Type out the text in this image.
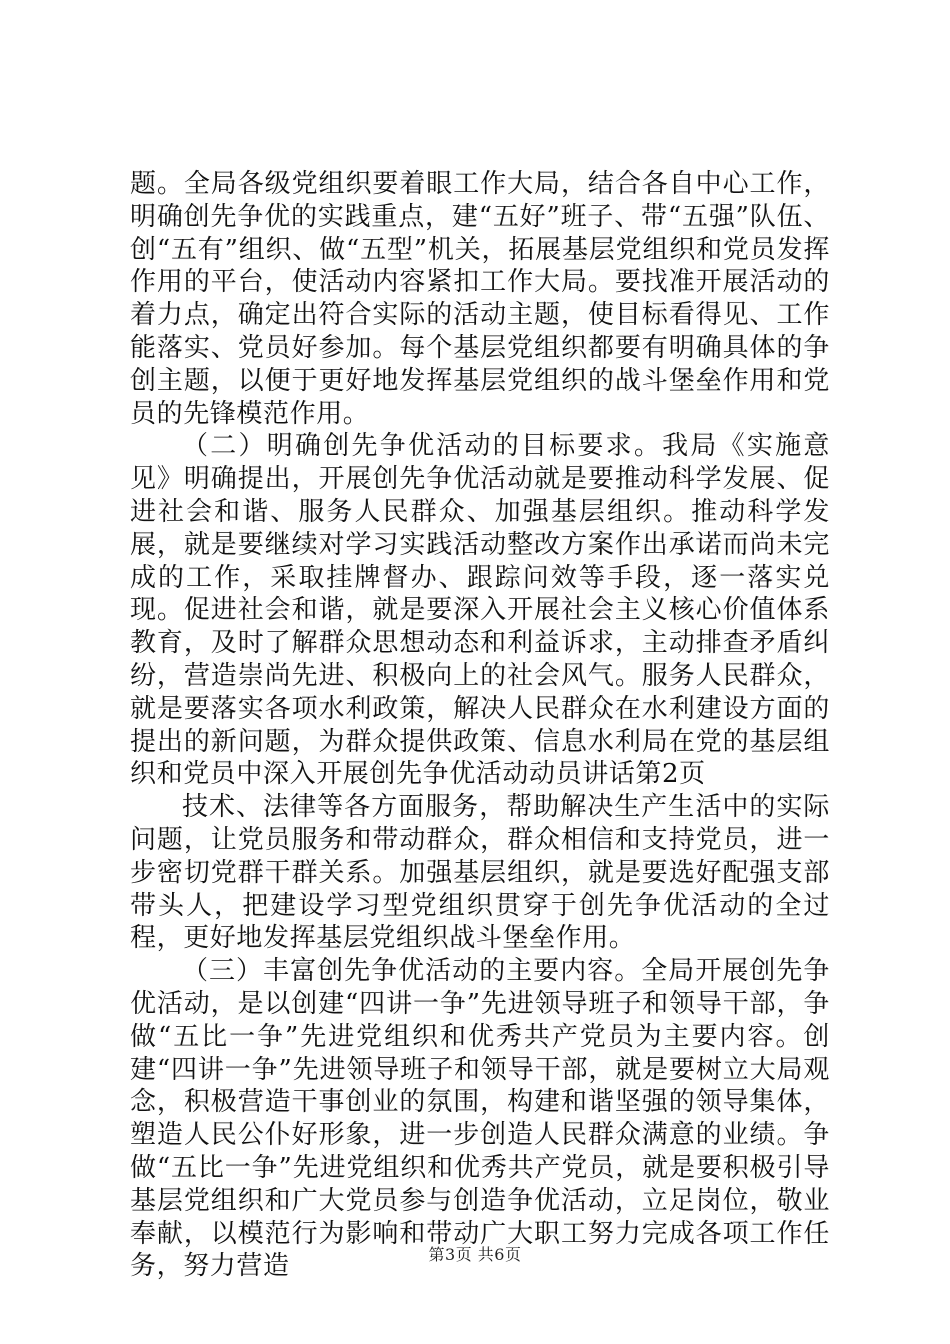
题。全局各级党组织要着眼工作大局，结合各自中心工作，明确创先争优的实践重点，建“五好”班子、带“五强”队伍、创“五有”组织、做“五型”机关，拓展基层党组织和党员发挥作用的平台，使活动内容紧扣工作大局。要找准开展活动的着力点，确定出符合实际的活动主题，使目标看得见、工作能落实、党员好参加。每个基层党组织都要有明确具体的争创主题，以便于更好地发挥基层党组织的战斗堡垒作用和党员的先锋模范作用。

（二）明确创先争优活动的目标要求。我局《实施意见》明确提出，开展创先争优活动就是要推动科学发展、促进社会和谐、服务人民群众、加强基层组织。推动科学发展，就是要继续对学习实践活动整改方案作出承诺而尚未完成的工作，采取挂牌督办、跟踪问效等手段，逐一落实兑现。促进社会和谐，就是要深入开展社会主义核心价值体系教育，及时了解群众思想动态和利益诉求，主动排查矛盾纠纷，营造崇尚先进、积极向上的社会风气。服务人民群众，就是要落实各项水利政策，解决人民群众在水利建设方面的提出的新问题，为群众提供政策、信息水利局在党的基层组织和党员中深入开展创先争优活动动员讲话第2页

技术、法律等各方面服务，帮助解决生产生活中的实际问题，让党员服务和带动群众，群众相信和支持党员，进一步密切党群干群关系。加强基层组织，就是要选好配强支部带头人，把建设学习型党组织贯穿于创先争优活动的全过程，更好地发挥基层党组织战斗堡垒作用。

（三）丰富创先争优活动的主要内容。全局开展创先争优活动，是以创建“四讲一争”先进领导班子和领导干部，争做“五比一争”先进党组织和优秀共产党员为主要内容。创建“四讲一争”先进领导班子和领导干部，就是要树立大局观念，积极营造干事创业的氛围，构建和谐坚强的领导集体，塑造人民公仆好形象，进一步创造人民群众满意的业绩。争做“五比一争”先进党组织和优秀共产党员，就是要积极引导基层党组织和广大党员参与创造争优活动，立足岗位，敬业奉献，以模范行为影响和带动广大职工努力完成各项工作任务，努力营造	第3页 共6页
